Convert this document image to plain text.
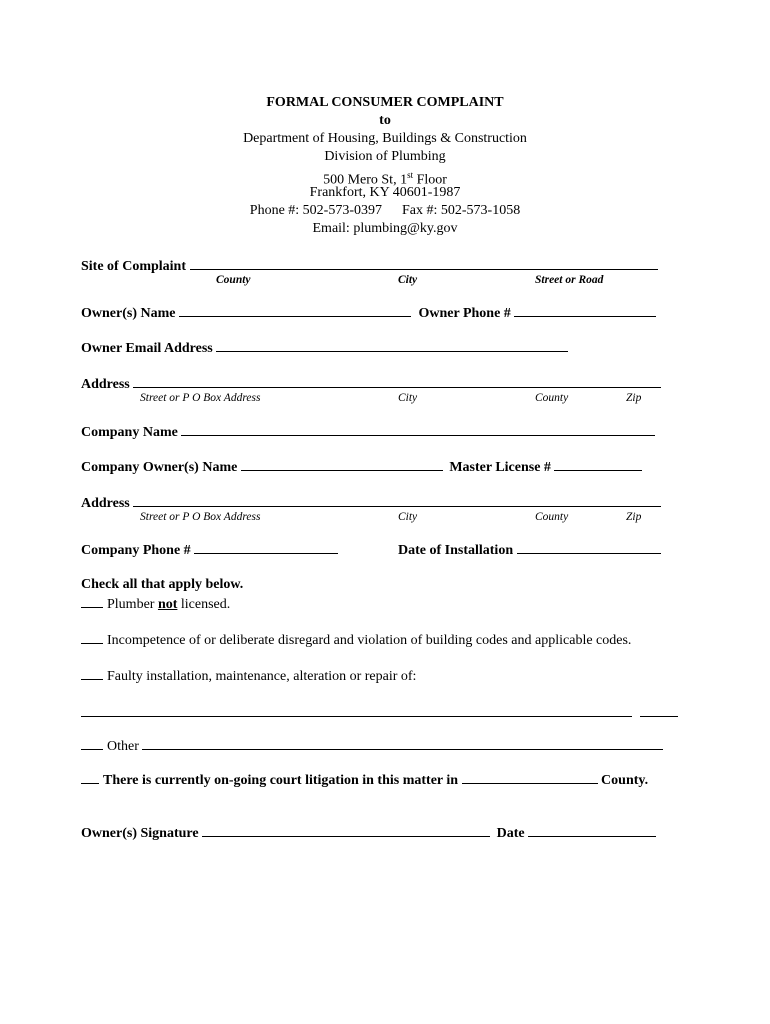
FORMAL CONSUMER COMPLAINT
to
Department of Housing, Buildings & Construction
Division of Plumbing
500 Mero St, 1st Floor
Frankfort, KY 40601-1987
Phone #: 502-573-0397 Fax #: 502-573-1058
Email: plumbing@ky.gov
Site of Complaint
County	City	Street or Road
Owner(s) Name	Owner Phone #
Owner Email Address
Address
Street or P O Box Address	City	County	Zip
Company Name
Company Owner(s) Name	Master License #
Address
Street or P O Box Address	City	County	Zip
Company Phone #	Date of Installation
Check all that apply below.
Plumber not licensed.
Incompetence of or deliberate disregard and violation of building codes and applicable codes.
Faulty installation, maintenance, alteration or repair of:

Other
There is currently on-going court litigation in this matter in	County.
Owner(s) Signature	Date
